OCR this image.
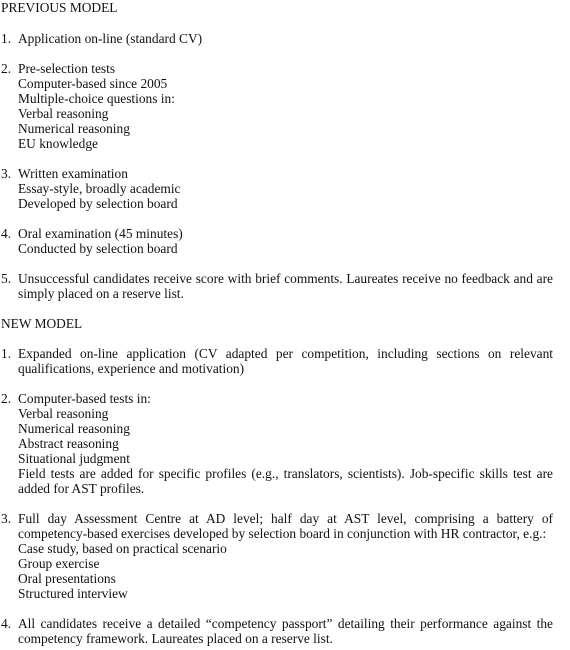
PREVIOUS MODEL
1. Application on-line (standard CV)
2. Pre-selection tests
Computer-based since 2005
Multiple-choice questions in:
Verbal reasoning
Numerical reasoning
EU knowledge
3. Written examination
Essay-style, broadly academic
Developed by selection board
4. Oral examination (45 minutes)
Conducted by selection board
5. Unsuccessful candidates receive score with brief comments. Laureates receive no feedback and are simply placed on a reserve list.
NEW MODEL
1. Expanded on-line application (CV adapted per competition, including sections on relevant qualifications, experience and motivation)
2. Computer-based tests in:
Verbal reasoning
Numerical reasoning
Abstract reasoning
Situational judgment
Field tests are added for specific profiles (e.g., translators, scientists). Job-specific skills test are added for AST profiles.
3. Full day Assessment Centre at AD level; half day at AST level, comprising a battery of competency-based exercises developed by selection board in conjunction with HR contractor, e.g.:
Case study, based on practical scenario
Group exercise
Oral presentations
Structured interview
4. All candidates receive a detailed “competency passport” detailing their performance against the competency framework. Laureates placed on a reserve list.
